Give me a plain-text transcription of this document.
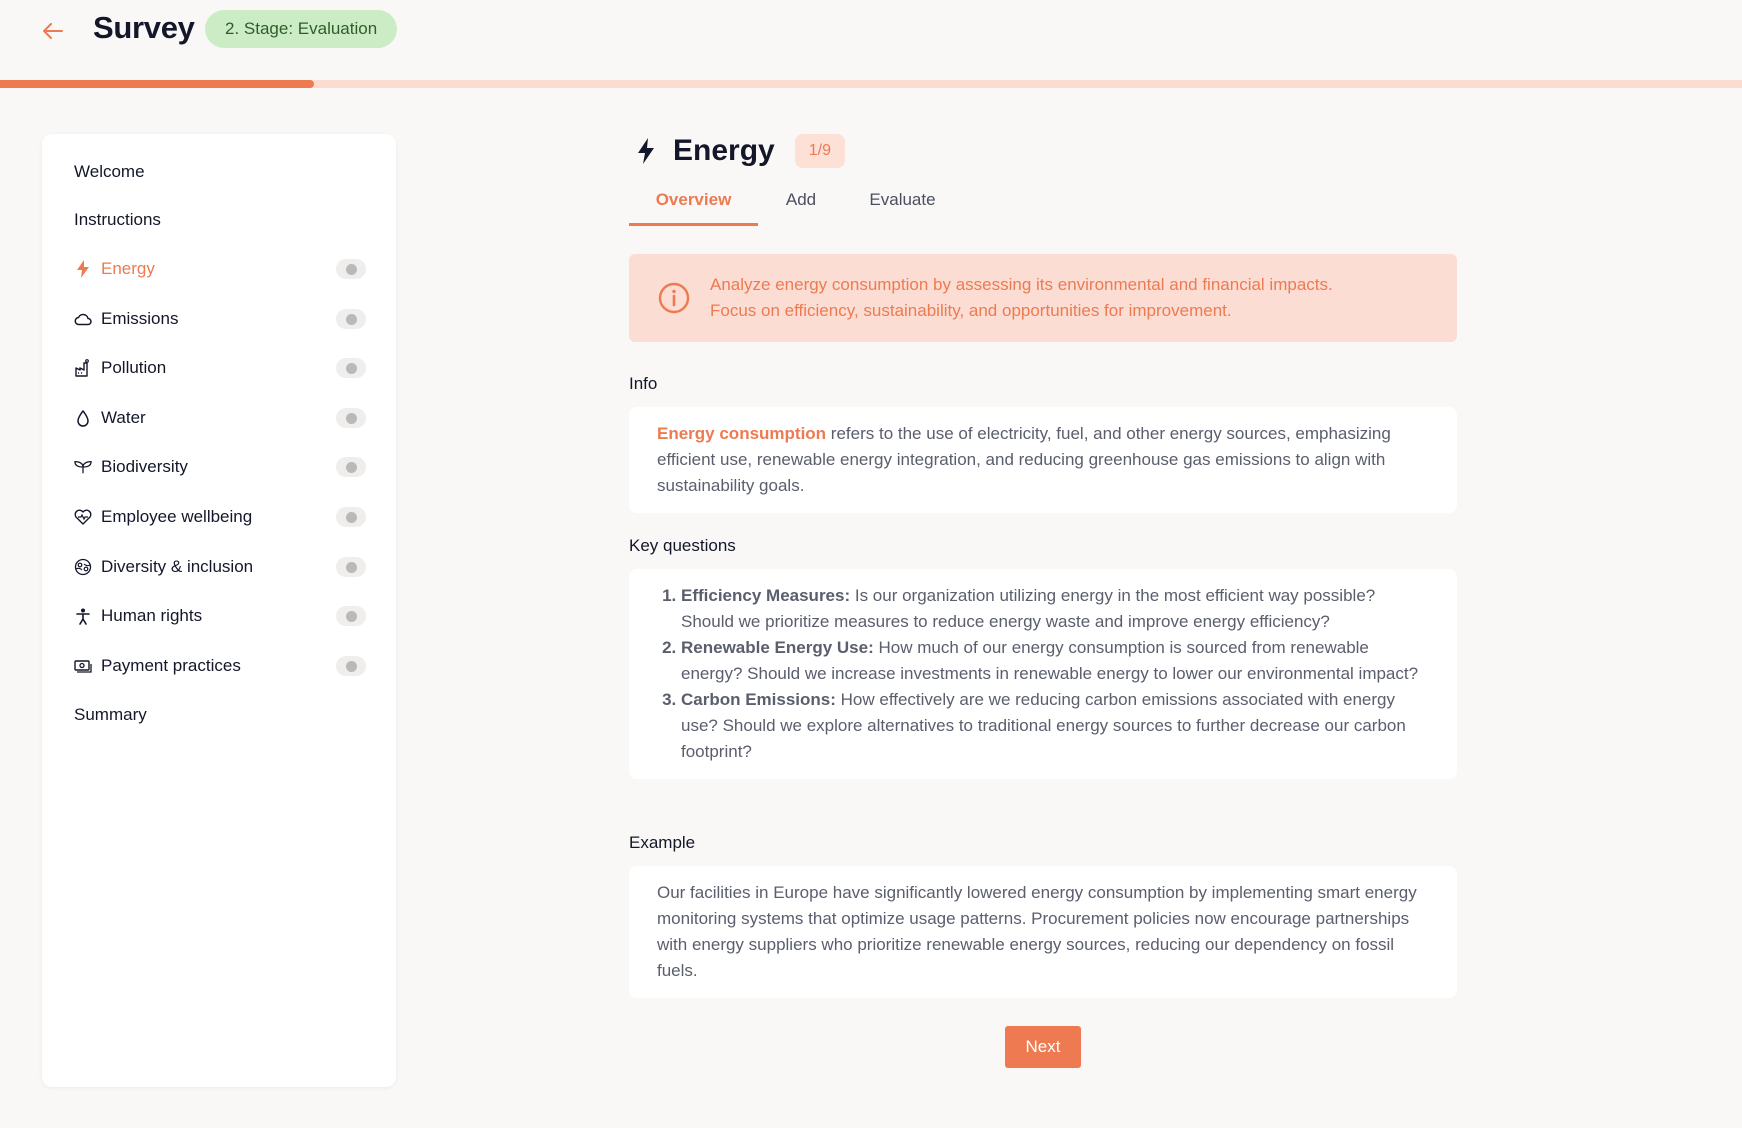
Survey	2. Stage: Evaluation
Welcome
Instructions
Energy
Emissions
Pollution
Water
Biodiversity
Employee wellbeing
Diversity & inclusion
Human rights
Payment practices
Summary
Energy	1/9
Overview	Add	Evaluate
Analyze energy consumption by assessing its environmental and financial impacts.
Focus on efficiency, sustainability, and opportunities for improvement.
Info
Energy consumption refers to the use of electricity, fuel, and other energy sources, emphasizing efficient use, renewable energy integration, and reducing greenhouse gas emissions to align with sustainability goals.
Key questions
1. Efficiency Measures: Is our organization utilizing energy in the most efficient way possible? Should we prioritize measures to reduce energy waste and improve energy efficiency?
2. Renewable Energy Use: How much of our energy consumption is sourced from renewable energy? Should we increase investments in renewable energy to lower our environmental impact?
3. Carbon Emissions: How effectively are we reducing carbon emissions associated with energy use? Should we explore alternatives to traditional energy sources to further decrease our carbon footprint?
Example
Our facilities in Europe have significantly lowered energy consumption by implementing smart energy monitoring systems that optimize usage patterns. Procurement policies now encourage partnerships with energy suppliers who prioritize renewable energy sources, reducing our dependency on fossil fuels.
Next
